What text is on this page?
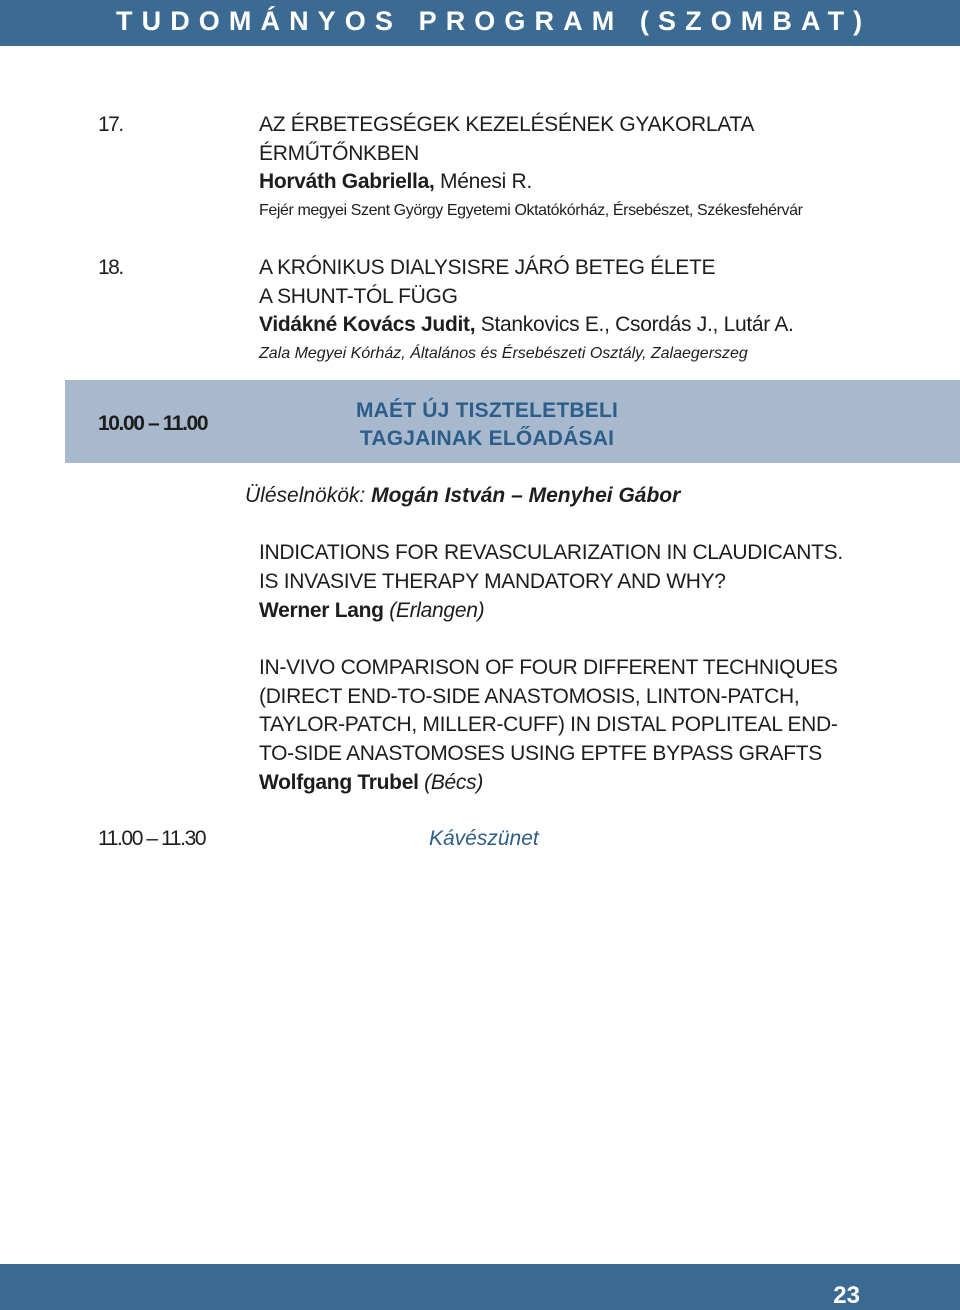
TUDOMÁNYOS PROGRAM (SZOMBAT)
17.	AZ ÉRBETEGSÉGEK KEZELÉSÉNEK GYAKORLATA
ÉRMŰTŐNKBEN
Horváth Gabriella, Ménesi R.
Fejér megyei Szent György Egyetemi Oktatókórház, Érsebészet, Székesfehérvár
18.	A KRÓNIKUS DIALYSISRE JÁRÓ BETEG ÉLETE
A SHUNT-TÓL FÜGG
Vidákné Kovács Judit, Stankovics E., Csordás J., Lutár A.
Zala Megyei Kórház, Általános és Érsebészeti Osztály, Zalaegerszeg
10.00 – 11.00
MAÉT ÚJ TISZTELETBELI
TAGJAINAK ELŐADÁSAI
Üléselnökök: Mogán István – Menyhei Gábor
INDICATIONS FOR REVASCULARIZATION IN CLAUDICANTS.
IS INVASIVE THERAPY MANDATORY AND WHY?
Werner Lang (Erlangen)
IN-VIVO COMPARISON OF FOUR DIFFERENT TECHNIQUES
(DIRECT END-TO-SIDE ANASTOMOSIS, LINTON-PATCH,
TAYLOR-PATCH, MILLER-CUFF) IN DISTAL POPLITEAL END-
TO-SIDE ANASTOMOSES USING EPTFE BYPASS GRAFTS
Wolfgang Trubel (Bécs)
11.00 – 11.30	Kávészünet
23
